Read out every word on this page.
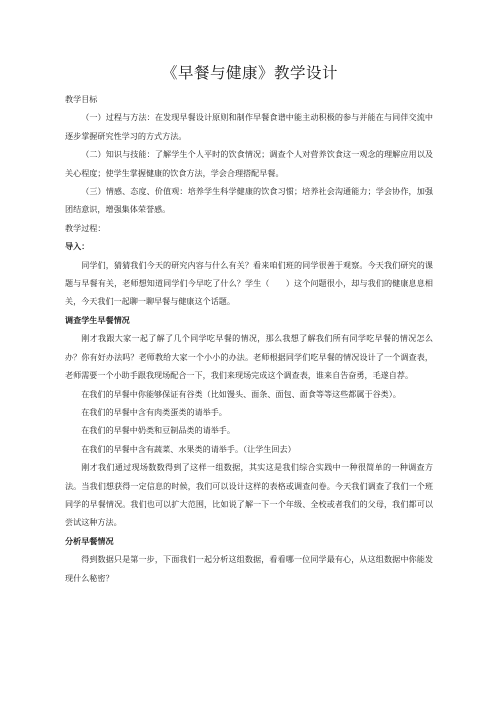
《早餐与健康》教学设计

教学目标

（一）过程与方法：在发现早餐设计原则和制作早餐食谱中能主动积极的参与并能在与同伴交流中逐步掌握研究性学习的方式方法。

（二）知识与技能：了解学生个人平时的饮食情况；调查个人对营养饮食这一观念的理解应用以及关心程度；使学生掌握健康的饮食方法，学会合理搭配早餐。

（三）情感、态度、价值观：培养学生科学健康的饮食习惯；培养社会沟通能力；学会协作，加强团结意识，增强集体荣誉感。

教学过程：

导入：

同学们，猜猜我们今天的研究内容与什么有关？看来咱们班的同学很善于观察。今天我们研究的课题与早餐有关，老师想知道同学们今早吃了什么？学生（　　）这个问题很小，却与我们的健康息息相关，今天我们一起聊一聊早餐与健康这个话题。

调查学生早餐情况

刚才我跟大家一起了解了几个同学吃早餐的情况，那么我想了解我们所有同学吃早餐的情况怎么办？你有好办法吗？老师教给大家一个小小的办法。老师根据同学们吃早餐的情况设计了一个调查表，老师需要一个小助手跟我现场配合一下，我们来现场完成这个调查表，谁来自告奋勇，毛遂自荐。

在我们的早餐中你能够保证有谷类（比如馒头、面条、面包、面食等等这些都属于谷类）。

在我们的早餐中含有肉类蛋类的请举手。

在我们的早餐中奶类和豆制品类的请举手。

在我们的早餐中含有蔬菜、水果类的请举手。（让学生回去）

刚才我们通过现场数数得到了这样一组数据，其实这是我们综合实践中一种很简单的一种调查方法。当我们想获得一定信息的时候，我们可以设计这样的表格或调查问卷。今天我们调查了我们一个班同学的早餐情况。我们也可以扩大范围，比如说了解一下一个年级、全校或者我们的父母，我们都可以尝试这种方法。

分析早餐情况

得到数据只是第一步，下面我们一起分析这组数据，看看哪一位同学最有心，从这组数据中你能发现什么秘密？
